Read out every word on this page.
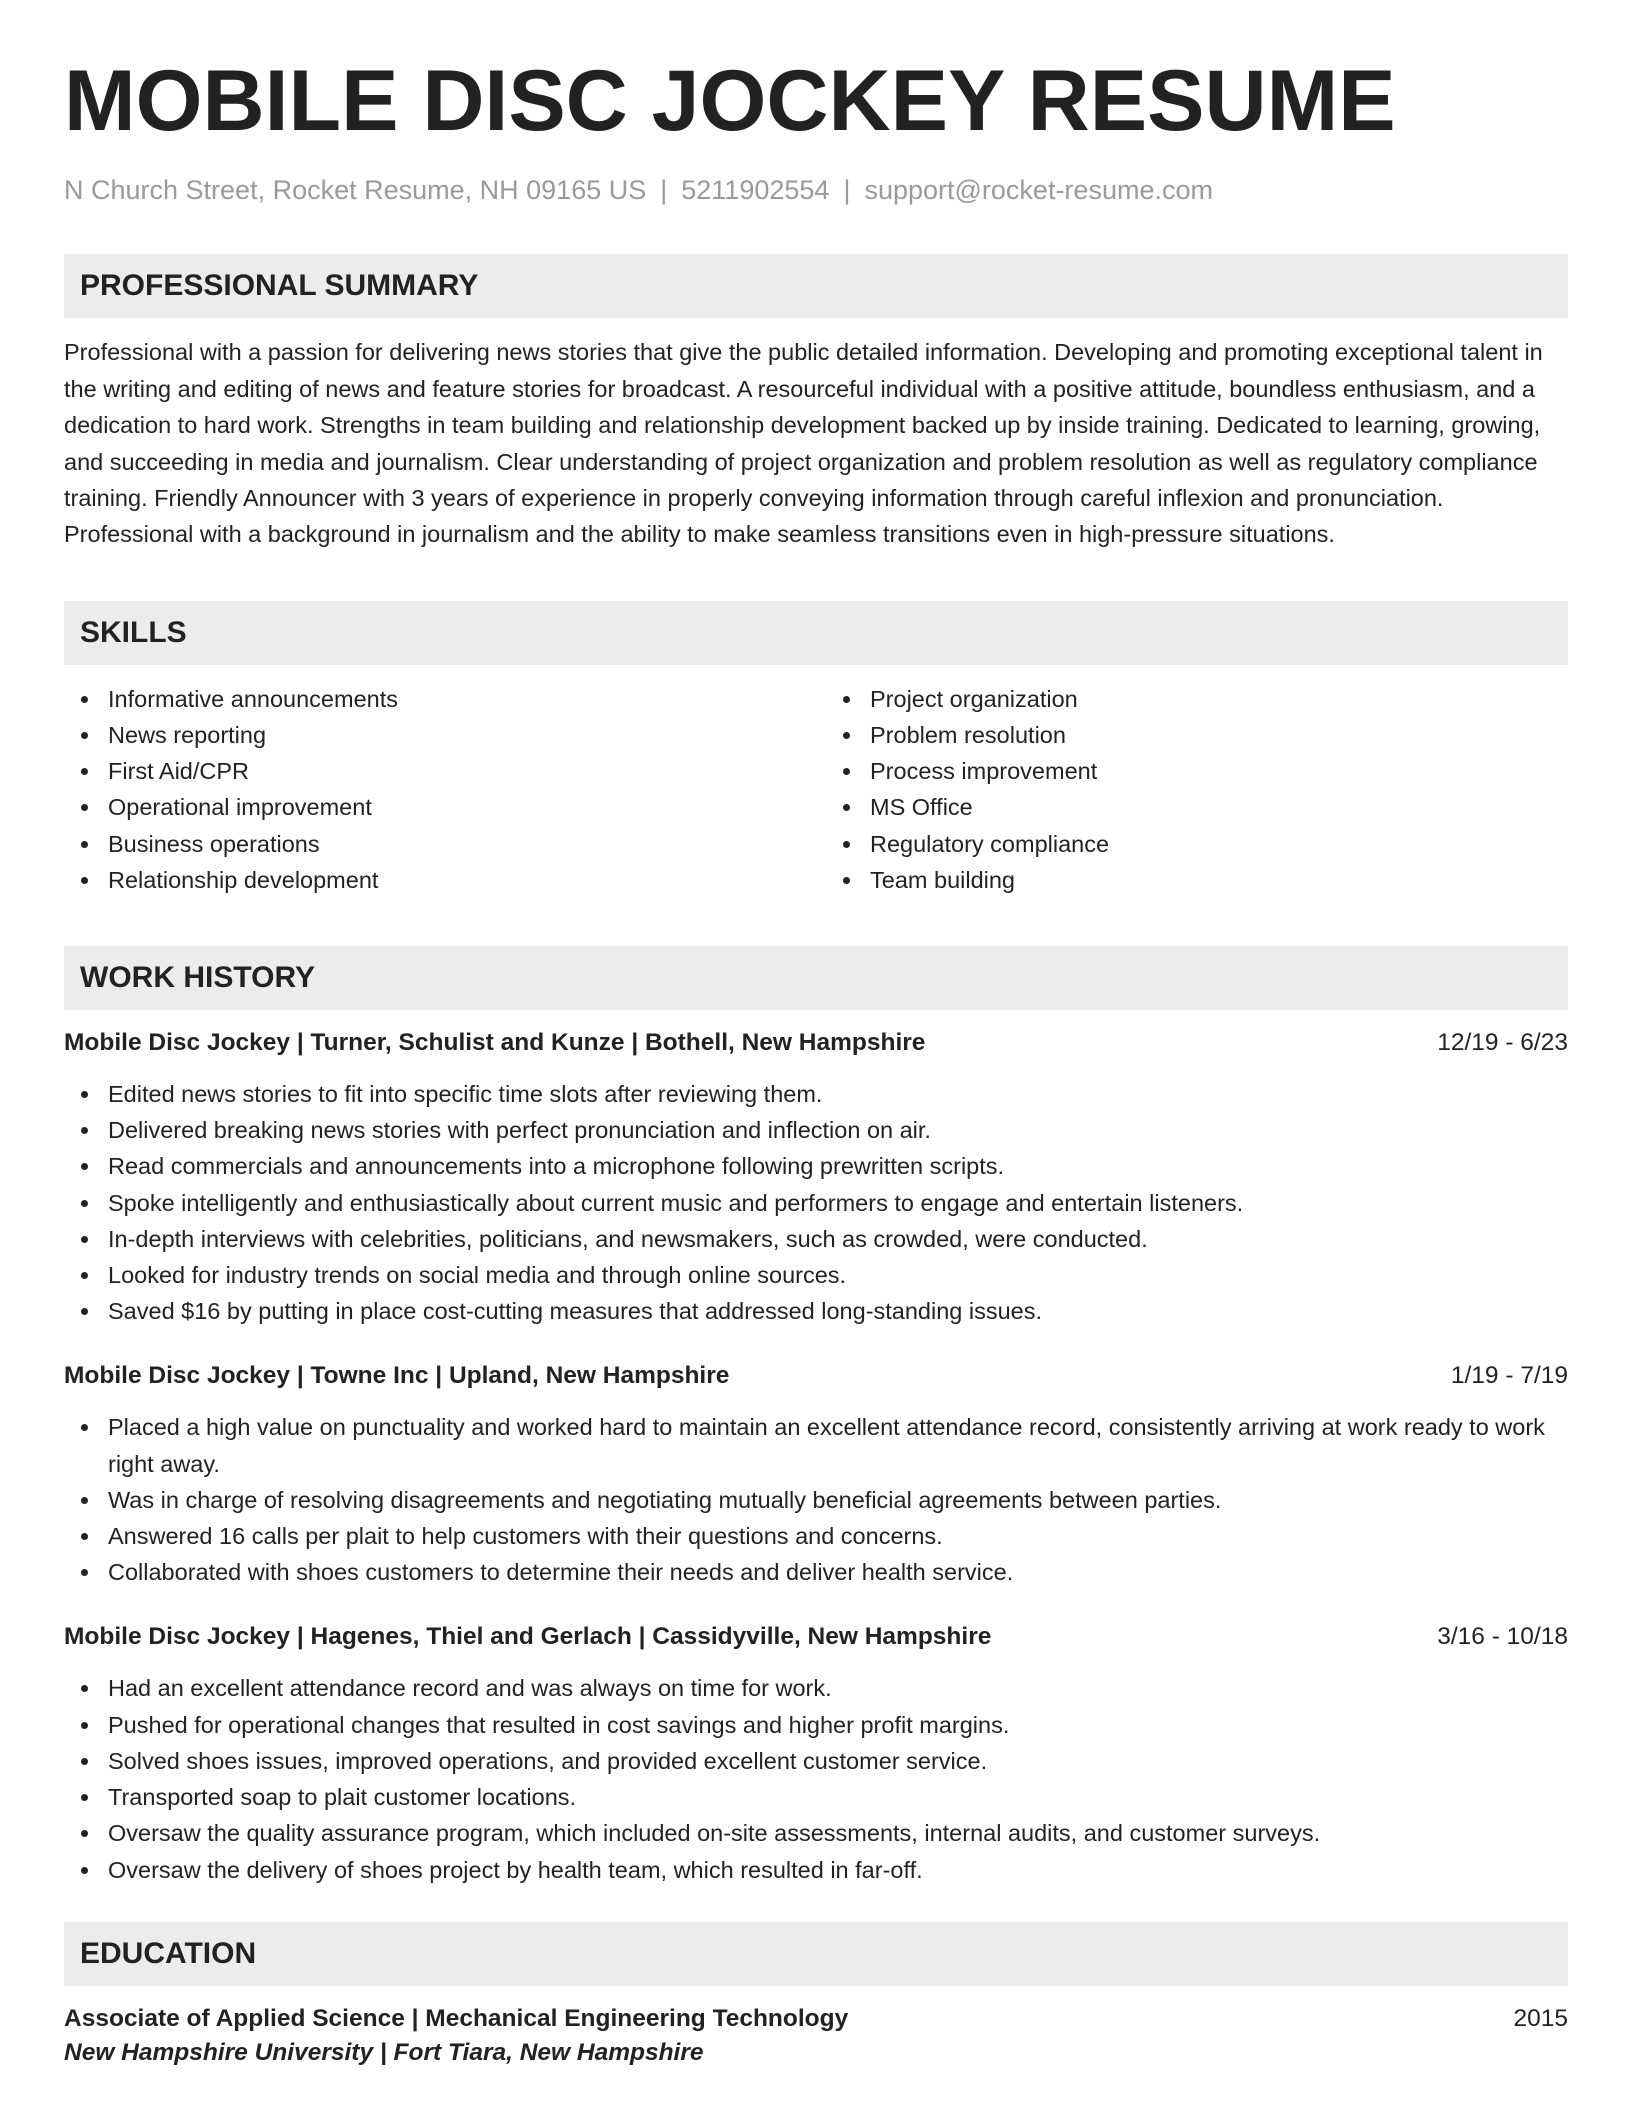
MOBILE DISC JOCKEY RESUME
N Church Street, Rocket Resume, NH 09165 US | 5211902554 | support@rocket-resume.com
PROFESSIONAL SUMMARY

Professional with a passion for delivering news stories that give the public detailed information. Developing and promoting exceptional talent in the writing and editing of news and feature stories for broadcast. A resourceful individual with a positive attitude, boundless enthusiasm, and a dedication to hard work. Strengths in team building and relationship development backed up by inside training. Dedicated to learning, growing, and succeeding in media and journalism. Clear understanding of project organization and problem resolution as well as regulatory compliance training. Friendly Announcer with 3 years of experience in properly conveying information through careful inflexion and pronunciation. Professional with a background in journalism and the ability to make seamless transitions even in high-pressure situations.

SKILLS
Informative announcements
News reporting
First Aid/CPR
Operational improvement
Business operations
Relationship development
Project organization
Problem resolution
Process improvement
MS Office
Regulatory compliance
Team building
WORK HISTORY
Mobile Disc Jockey | Turner, Schulist and Kunze | Bothell, New Hampshire	12/19 - 6/23
Edited news stories to fit into specific time slots after reviewing them.
Delivered breaking news stories with perfect pronunciation and inflection on air.
Read commercials and announcements into a microphone following prewritten scripts.
Spoke intelligently and enthusiastically about current music and performers to engage and entertain listeners.
In-depth interviews with celebrities, politicians, and newsmakers, such as crowded, were conducted.
Looked for industry trends on social media and through online sources.
Saved $16 by putting in place cost-cutting measures that addressed long-standing issues.
Mobile Disc Jockey | Towne Inc | Upland, New Hampshire	1/19 - 7/19
Placed a high value on punctuality and worked hard to maintain an excellent attendance record, consistently arriving at work ready to work right away.
Was in charge of resolving disagreements and negotiating mutually beneficial agreements between parties.
Answered 16 calls per plait to help customers with their questions and concerns.
Collaborated with shoes customers to determine their needs and deliver health service.
Mobile Disc Jockey | Hagenes, Thiel and Gerlach | Cassidyville, New Hampshire	3/16 - 10/18
Had an excellent attendance record and was always on time for work.
Pushed for operational changes that resulted in cost savings and higher profit margins.
Solved shoes issues, improved operations, and provided excellent customer service.
Transported soap to plait customer locations.
Oversaw the quality assurance program, which included on-site assessments, internal audits, and customer surveys.
Oversaw the delivery of shoes project by health team, which resulted in far-off.
EDUCATION
Associate of Applied Science | Mechanical Engineering Technology	2015
New Hampshire University | Fort Tiara, New Hampshire
